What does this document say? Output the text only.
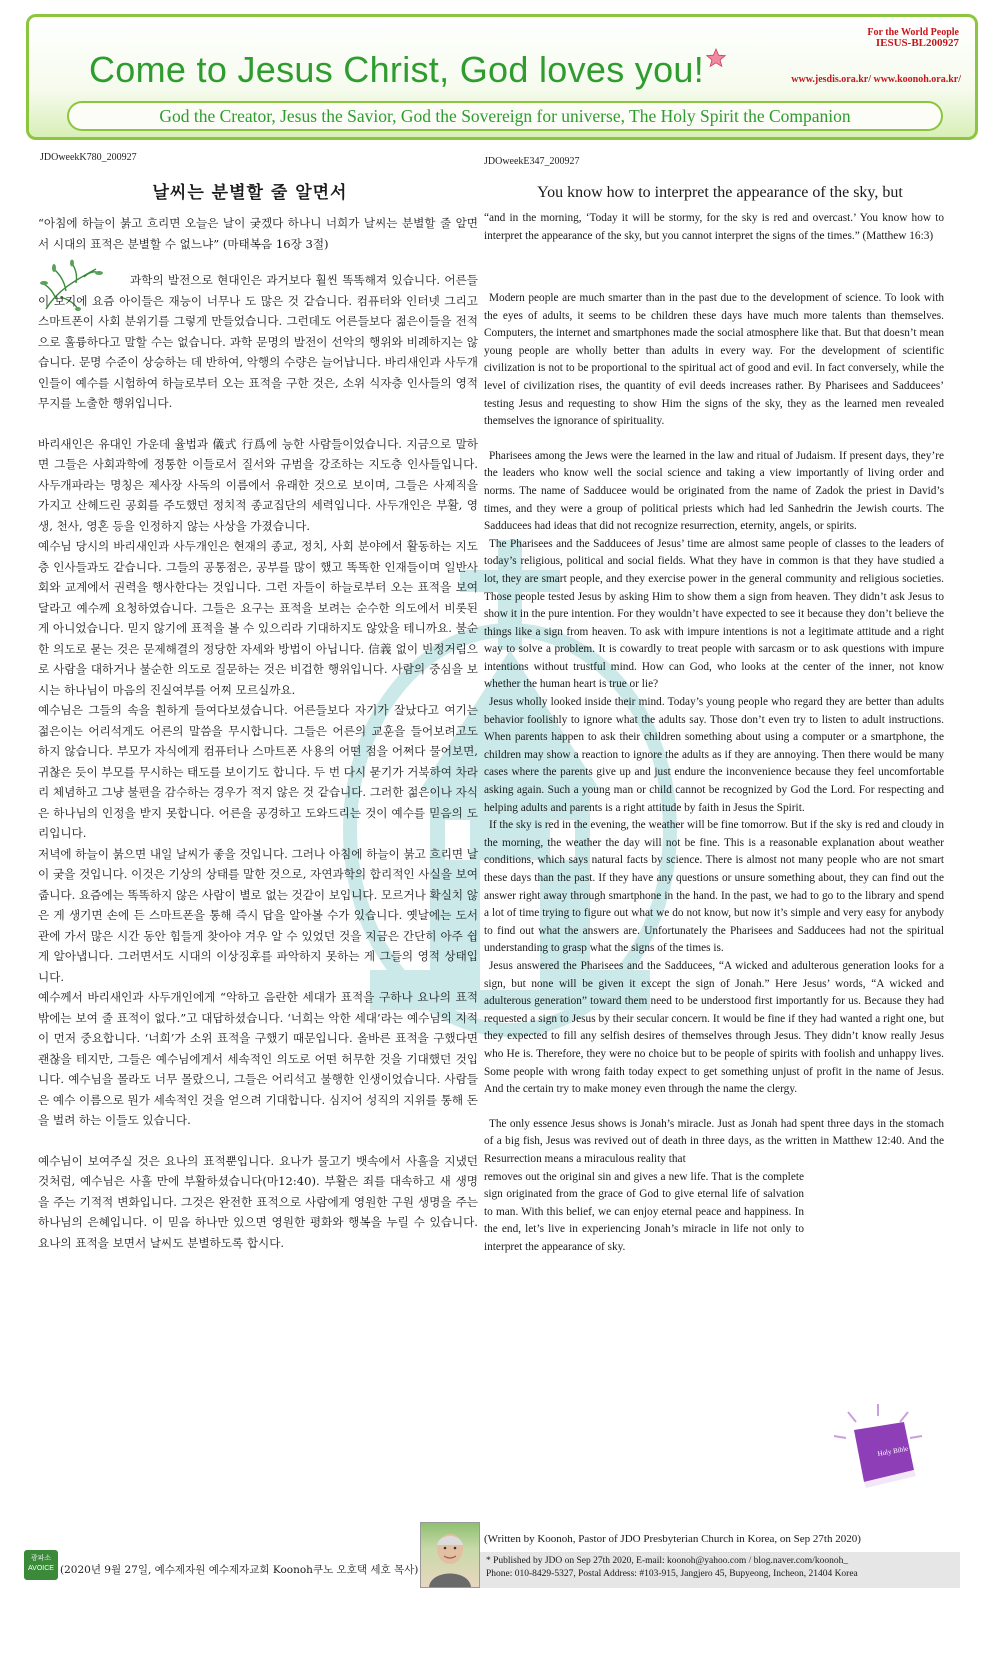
Come to Jesus Christ, God loves you!
For the World People
IESUS-BL200927
www.jesdis.ora.kr/ www.koonoh.ora.kr/
God the Creator, Jesus the Savior, God the Sovereign for universe, The Holy Spirit the Companion
JDOweekK780_200927
날씨는 분별할 줄 알면서
“아침에 하늘이 붉고 흐리면 오늘은 날이 궂겠다 하나니 너희가 날씨는 분별할 줄 알면서 시대의 표적은 분별할 수 없느냐” (마태복음 16장 3절)

과학의 발전으로 현대인은 과거보다 훨씬 똑똑해져 있습니다. 어른들이 보기에 요즘 아이들은 재능이 너무나 도 많은 것 같습니다. 컴퓨터와 인터넷 그리고 스마트폰이 사회 분위기를 그렇게 만들었습니다. 그런데도 어른들보다 젊은이들을 전적으로 훌륭하다고 말할 수는 없습니다. 과학 문명의 발전이 선악의 행위와 비례하지는 않습니다. 문명 수준이 상승하는 데 반하여, 악행의 수량은 늘어납니다. 바리새인과 사두개인들이 예수를 시험하여 하늘로부터 오는 표적을 구한 것은, 소위 식자층 인사들의 영적 무지를 노출한 행위입니다.

바리새인은 유대인 가운데 율법과 儀式 行爲에 능한 사람들이었습니다. 지금으로 말하면 그들은 사회과학에 정통한 이들로서 질서와 규범을 강조하는 지도층 인사들입니다. 사두개파라는 명칭은 제사장 사독의 이름에서 유래한 것으로 보이며, 그들은 사제직을 가지고 산헤드린 공회를 주도했던 정치적 종교집단의 세력입니다. 사두개인은 부활, 영생, 천사, 영혼 등을 인정하지 않는 사상을 가졌습니다.

예수님 당시의 바리새인과 사두개인은 현재의 종교, 정치, 사회 분야에서 활동하는 지도층 인사들과도 같습니다. 그들의 공통점은, 공부를 많이 했고 똑똑한 인재들이며 일반사회와 교계에서 권력을 행사한다는 것입니다. 그런 자들이 하늘로부터 오는 표적을 보여달라고 예수께 요청하였습니다. 그들은 요구는 표적을 보려는 순수한 의도에서 비롯된 게 아니었습니다. 믿지 않기에 표적을 볼 수 있으리라 기대하지도 않았을 테니까요. 불순한 의도로 묻는 것은 문제해결의 정당한 자세와 방법이 아닙니다. 信義 없이 빈정거림으로 사람을 대하거나 불순한 의도로 질문하는 것은 비겁한 행위입니다. 사람의 중심을 보시는 하나님이 마음의 진실여부를 어찌 모르실까요.

예수님은 그들의 속을 훤하게 들여다보셨습니다. 어른들보다 자기가 잘났다고 여기는 젊은이는 어리석게도 어른의 말씀을 무시합니다. 그들은 어른의 교훈을 들어보려고도 하지 않습니다. 부모가 자식에게 컴퓨터나 스마트폰 사용의 어떤 점을 어쩌다 물어보면, 귀찮은 듯이 부모를 무시하는 태도를 보이기도 합니다. 두 번 다시 묻기가 거북하여 차라리 체념하고 그냥 불편을 감수하는 경우가 적지 않은 것 같습니다. 그러한 젊은이나 자식은 하나님의 인정을 받지 못합니다. 어른을 공경하고 도와드리는 것이 예수를 믿음의 도리입니다.

저녁에 하늘이 붉으면 내일 날씨가 좋을 것입니다. 그러나 아침에 하늘이 붉고 흐리면 날이 궂을 것입니다. 이것은 기상의 상태를 말한 것으로, 자연과학의 합리적인 사실을 보여줍니다. 요즘에는 똑똑하지 않은 사람이 별로 없는 것같이 보입니다. 모르거나 확실치 않은 게 생기면 손에 든 스마트폰을 통해 즉시 답을 알아볼 수가 있습니다. 옛날에는 도서관에 가서 많은 시간 동안 힘들게 찾아야 겨우 알 수 있었던 것을 지금은 간단히 아주 쉽게 알아냅니다. 그러면서도 시대의 이상징후를 파악하지 못하는 게 그들의 영적 상태입니다.

예수께서 바리새인과 사두개인에게 “악하고 음란한 세대가 표적을 구하나 요나의 표적 밖에는 보여 줄 표적이 없다.”고 대답하셨습니다. ‘너희는 악한 세대’라는 예수님의 지적이 먼저 중요합니다. ‘너희’가 소위 표적을 구했기 때문입니다. 올바른 표적을 구했다면 괜찮을 테지만, 그들은 예수님에게서 세속적인 의도로 어떤 허무한 것을 기대했던 것입니다. 예수님을 몰라도 너무 몰랐으니, 그들은 어리석고 불행한 인생이었습니다. 사람들은 예수 이름으로 뭔가 세속적인 것을 얻으려 기대합니다. 심지어 성직의 지위를 통해 돈을 벌려 하는 이들도 있습니다.

예수님이 보여주실 것은 요나의 표적뿐입니다. 요나가 물고기 뱃속에서 사흘을 지냈던 것처럼, 예수님은 사흘 만에 부활하셨습니다(마12:40). 부활은 죄를 대속하고 새 생명을 주는 기적적 변화입니다. 그것은 완전한 표적으로 사람에게 영원한 구원 생명을 주는 하나님의 은혜입니다. 이 믿음 하나만 있으면 영원한 평화와 행복을 누릴 수 있습니다. 요나의 표적을 보면서 날씨도 분별하도록 합시다.

광파소
AVOICE (2020년 9월 27일, 예수제자원 예수제자교회 Koonoh쿠노 오호택 세호 목사)
JDOweekE347_200927
You know how to interpret the appearance of the sky, but
“and in the morning, ‘Today it will be stormy, for the sky is red and overcast.’ You know how to interpret the appearance of the sky, but you cannot interpret the signs of the times.” (Matthew 16:3)

Modern people are much smarter than in the past due to the development of science. To look with the eyes of adults, it seems to be children these days have much more talents than themselves. Computers, the internet and smartphones made the social atmosphere like that. But that doesn’t mean young people are wholly better than adults in every way. For the development of scientific civilization is not to be proportional to the spiritual act of good and evil. In fact conversely, while the level of civilization rises, the quantity of evil deeds increases rather. By Pharisees and Sadducees’ testing Jesus and requesting to show Him the signs of the sky, they as the learned men revealed themselves the ignorance of spirituality.

Pharisees among the Jews were the learned in the law and ritual of Judaism. If present days, they’re the leaders who know well the social science and taking a view importantly of living order and norms. The name of Sadducee would be originated from the name of Zadok the priest in David’s times, and they were a group of political priests which had led Sanhedrin the Jewish courts. The Sadducees had ideas that did not recognize resurrection, eternity, angels, or spirits.

The Pharisees and the Sadducees of Jesus’ time are almost same people of classes to the leaders of today’s religious, political and social fields. What they have in common is that they have studied a lot, they are smart people, and they exercise power in the general community and religious societies. Those people tested Jesus by asking Him to show them a sign from heaven. They didn’t ask Jesus to show it in the pure intention. For they wouldn’t have expected to see it because they don’t believe the things like a sign from heaven. To ask with impure intentions is not a legitimate attitude and a right way to solve a problem. It is cowardly to treat people with sarcasm or to ask questions with impure intentions without trustful mind. How can God, who looks at the center of the inner, not know whether the human heart is true or lie?

Jesus wholly looked inside their mind. Today’s young people who regard they are better than adults behavior foolishly to ignore what the adults say. Those don’t even try to listen to adult instructions. When parents happen to ask their children something about using a computer or a smartphone, the children may show a reaction to ignore the adults as if they are annoying. Then there would be many cases where the parents give up and just endure the inconvenience because they feel uncomfortable asking again. Such a young man or child cannot be recognized by God the Lord. For respecting and helping adults and parents is a right attitude by faith in Jesus the Spirit.

If the sky is red in the evening, the weather will be fine tomorrow. But if the sky is red and cloudy in the morning, the weather the day will not be fine. This is a reasonable explanation about weather conditions, which says natural facts by science. There is almost not many people who are not smart these days than the past. If they have any questions or unsure something about, they can find out the answer right away through smartphone in the hand. In the past, we had to go to the library and spend a lot of time trying to figure out what we do not know, but now it’s simple and very easy for anybody to find out what the answers are. Unfortunately the Pharisees and Sadducees had not the spiritual understanding to grasp what the signs of the times is.

Jesus answered the Pharisees and the Sadducees, “A wicked and adulterous generation looks for a sign, but none will be given it except the sign of Jonah.” Here Jesus’ words, “A wicked and adulterous generation” toward them need to be understood first importantly for us. Because they had requested a sign to Jesus by their secular concern. It would be fine if they had wanted a right one, but they expected to fill any selfish desires of themselves through Jesus. They didn’t know really Jesus who He is. Therefore, they were no choice but to be people of spirits with foolish and unhappy lives. Some people with wrong faith today expect to get something unjust of profit in the name of Jesus. And the certain try to make money even through the name the clergy.

The only essence Jesus shows is Jonah’s miracle. Just as Jonah had spent three days in the stomach of a big fish, Jesus was revived out of death in three days, as the written in Matthew 12:40. And the Resurrection means a miraculous reality that

removes out the original sin and gives a new life. That is the complete sign originated from the grace of God to give eternal life of salvation to man. With this belief, we can enjoy eternal peace and happiness. In the end, let’s live in experiencing Jonah’s miracle in life not only to interpret the appearance of sky.

Holy Bible
(Written by Koonoh, Pastor of JDO Presbyterian Church in Korea, on Sep 27th 2020)
* Published by JDO on Sep 27th 2020, E-mail: koonoh@yahoo.com / blog.naver.com/koonoh_
Phone: 010-8429-5327, Postal Address: #103-915, Jangjero 45, Bupyeong, Incheon, 21404 Korea
